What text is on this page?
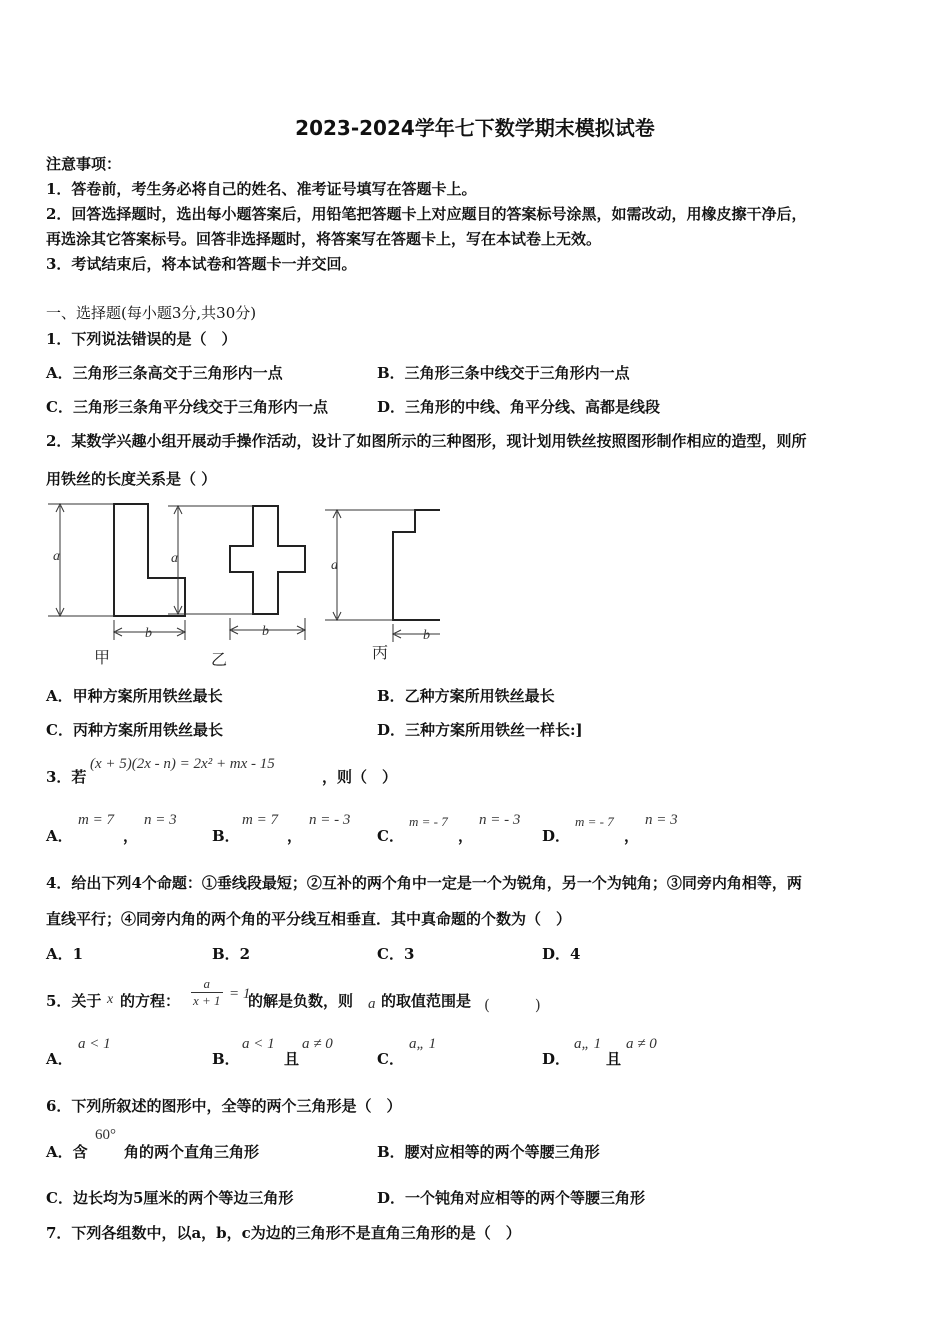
2023-2024学年七下数学期末模拟试卷
注意事项：
1．答卷前，考生务必将自己的姓名、准考证号填写在答题卡上。
2．回答选择题时，选出每小题答案后，用铅笔把答题卡上对应题目的答案标号涂黑，如需改动，用橡皮擦干净后，
再选涂其它答案标号。回答非选择题时，将答案写在答题卡上，写在本试卷上无效。
3．考试结束后，将本试卷和答题卡一并交回。
一、选择题(每小题3分,共30分)
1．下列说法错误的是（　）
A．三角形三条高交于三角形内一点	B．三角形三条中线交于三角形内一点
C．三角形三条角平分线交于三角形内一点	D．三角形的中线、角平分线、高都是线段
2．某数学兴趣小组开展动手操作活动，设计了如图所示的三种图形，现计划用铁丝按照图形制作相应的造型，则所
用铁丝的长度关系是（ ）
a
b
a
b
a
b
甲	乙	丙
A．甲种方案所用铁丝最长	B．乙种方案所用铁丝最长
C．丙种方案所用铁丝最长	D．三种方案所用铁丝一样长:]
3．若
(x + 5)(2x - n) = 2x² + mx - 15
，则（　）
A．
m = 7
，
n = 3
B．
m = 7
，
n = - 3
C．
m = - 7
，
n = - 3
D．
m = - 7
，
n = 3
4．给出下列4个命题：①垂线段最短；②互补的两个角中一定是一个为锐角，另一个为钝角；③同旁内角相等，两
直线平行；④同旁内角的两个角的平分线互相垂直．其中真命题的个数为（　）
A．1	B．2	C．3	D．4
5．关于 x 的方程： $\frac{a}{x + 1} = 1$
的解是负数，则 a 的取值范围是 (　　　)
A．
a < 1
B．
a < 1
且
a ≠ 0
C．
a„ 1
D．
a„ 1
且
a ≠ 0
6．下列所叙述的图形中，全等的两个三角形是（　）
A．含
60°
角的两个直角三角形	B．腰对应相等的两个等腰三角形
C．边长均为5厘米的两个等边三角形	D．一个钝角对应相等的两个等腰三角形
7．下列各组数中，以a，b，c为边的三角形不是直角三角形的是（　）
